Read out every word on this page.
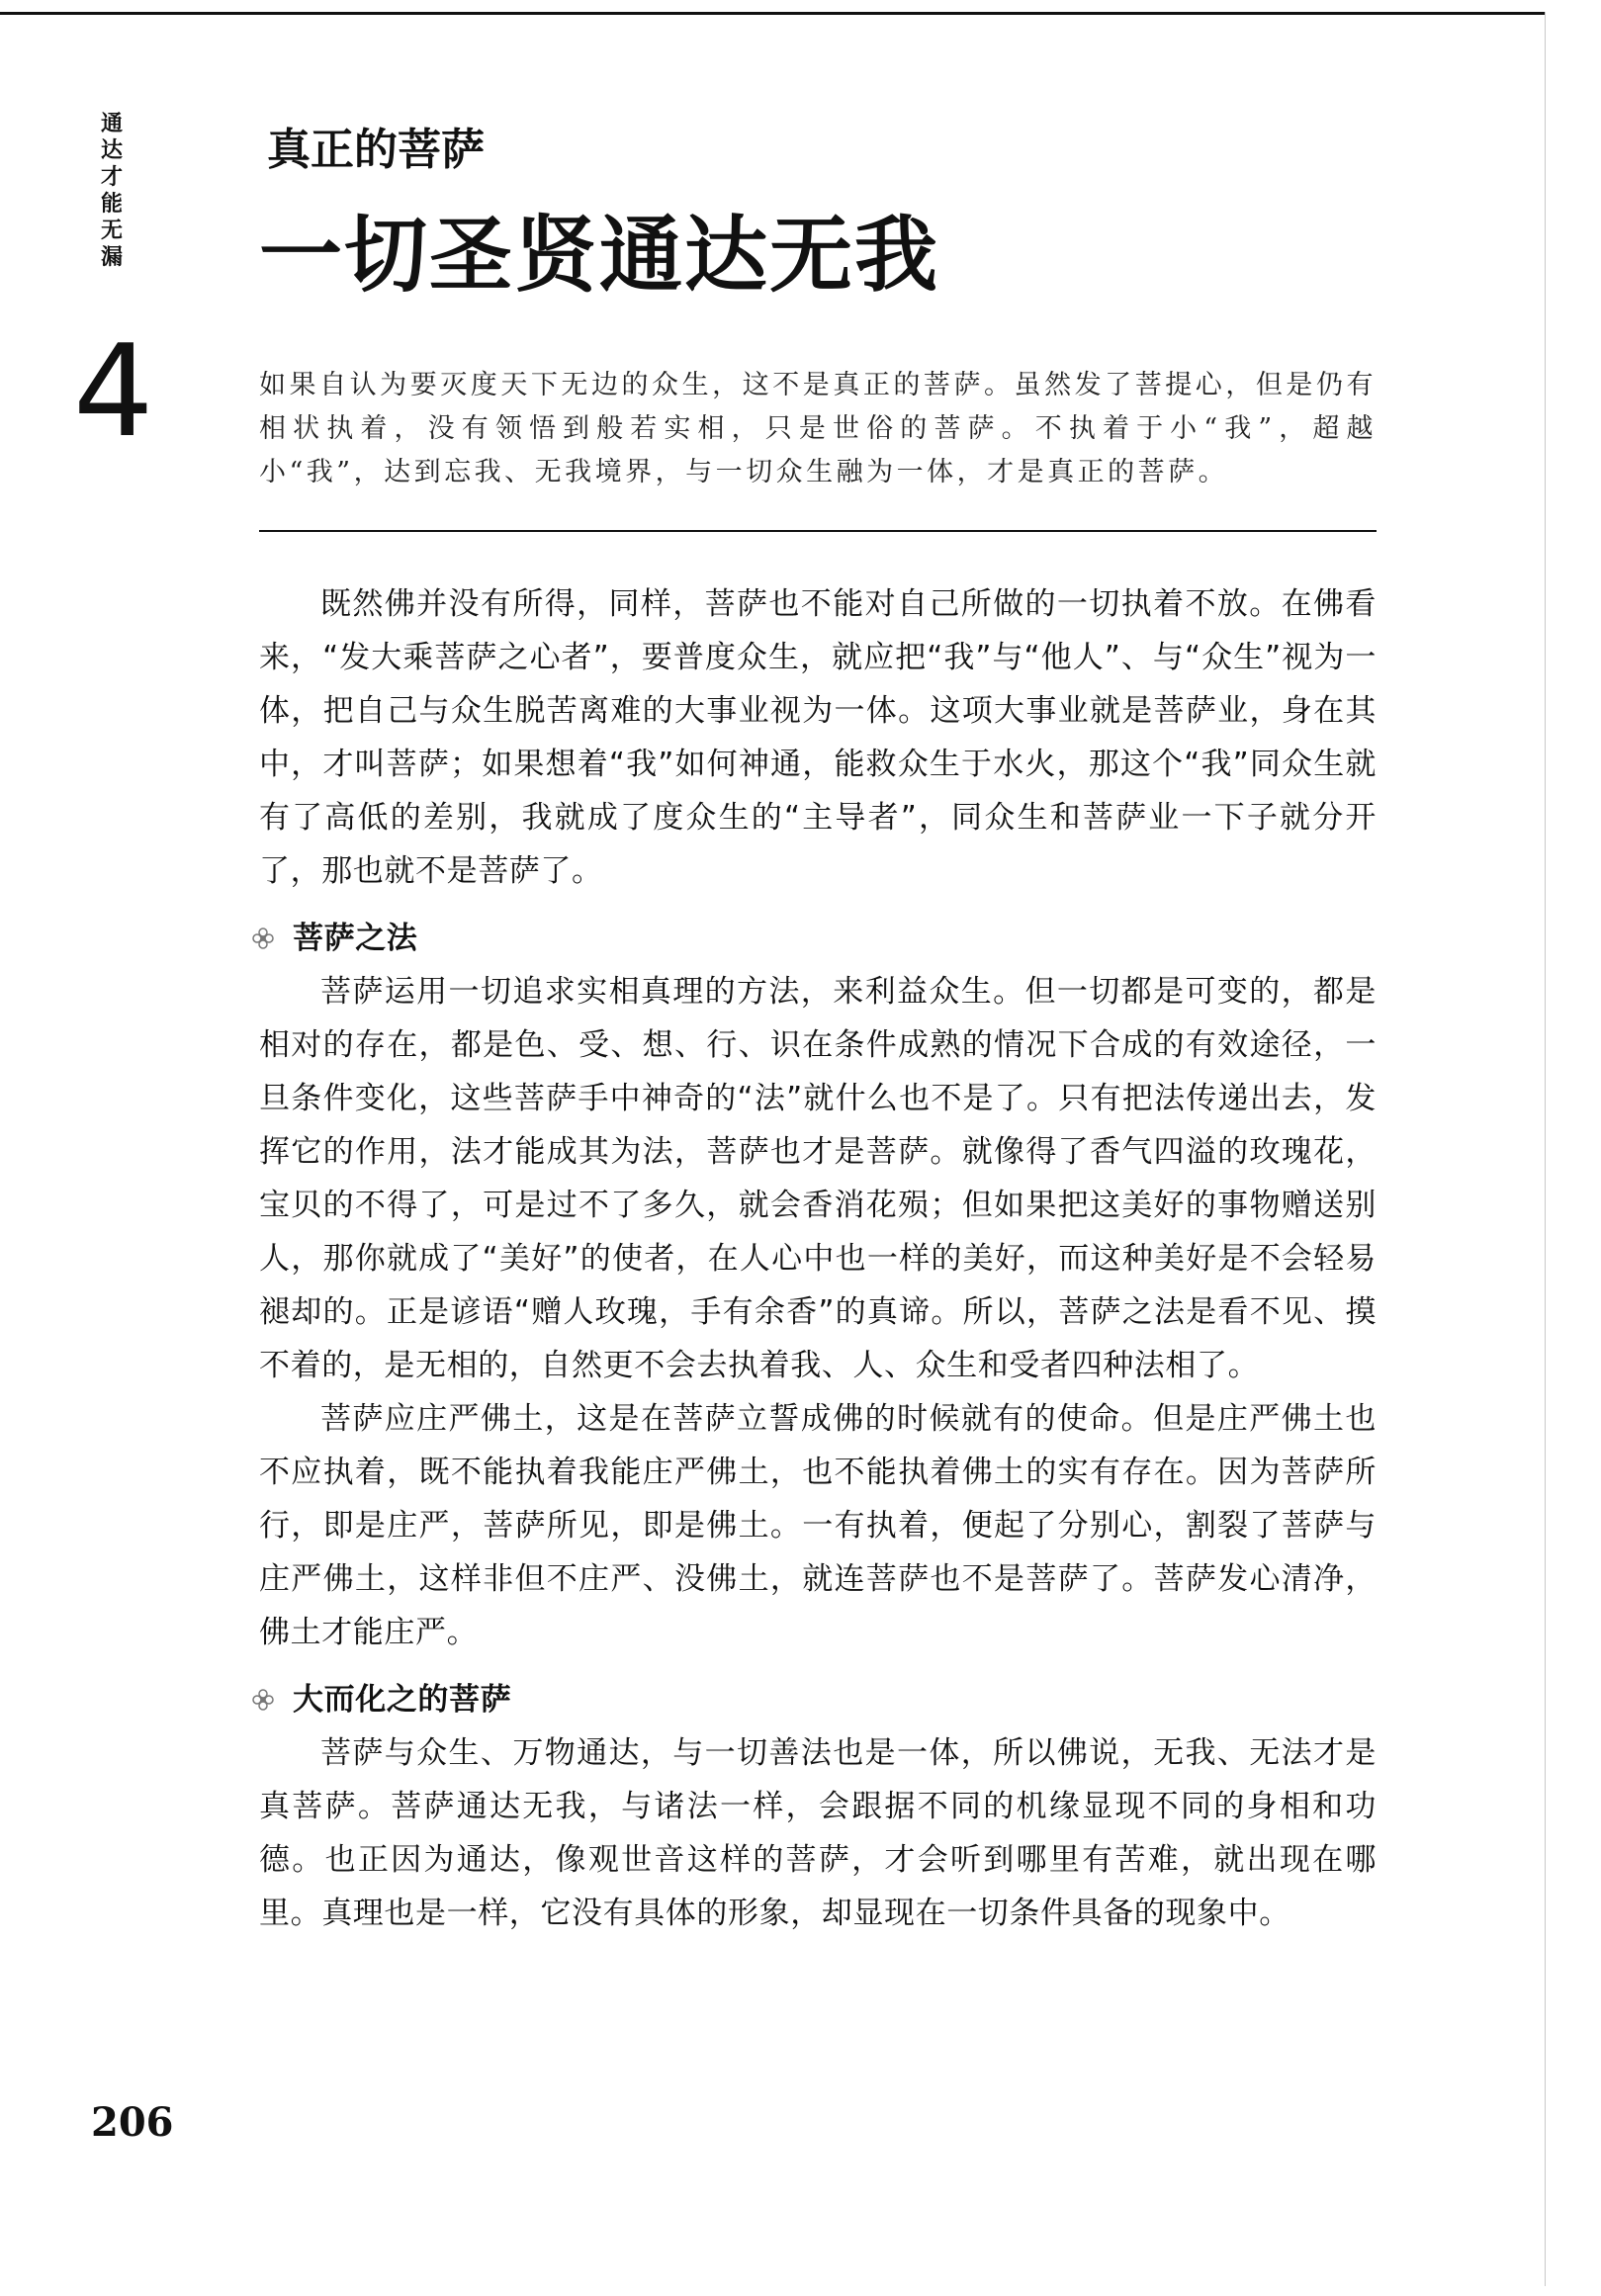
通达才能无漏
4
真正的菩萨
一切圣贤通达无我
如果自认为要灭度天下无边的众生，这不是真正的菩萨。虽然发了菩提心，但是仍有相状执着，没有领悟到般若实相，只是世俗的菩萨。不执着于小“我”，超越小“我”，达到忘我、无我境界，与一切众生融为一体，才是真正的菩萨。

既然佛并没有所得，同样，菩萨也不能对自己所做的一切执着不放。在佛看来，“发大乘菩萨之心者”，要普度众生，就应把“我”与“他人”、与“众生”视为一体，把自己与众生脱苦离难的大事业视为一体。这项大事业就是菩萨业，身在其中，才叫菩萨；如果想着“我”如何神通，能救众生于水火，那这个“我”同众生就有了高低的差别，我就成了度众生的“主导者”，同众生和菩萨业一下子就分开了，那也就不是菩萨了。

菩萨之法

菩萨运用一切追求实相真理的方法，来利益众生。但一切都是可变的，都是相对的存在，都是色、受、想、行、识在条件成熟的情况下合成的有效途径，一旦条件变化，这些菩萨手中神奇的“法”就什么也不是了。只有把法传递出去，发挥它的作用，法才能成其为法，菩萨也才是菩萨。就像得了香气四溢的玫瑰花，宝贝的不得了，可是过不了多久，就会香消花殒；但如果把这美好的事物赠送别人，那你就成了“美好”的使者，在人心中也一样的美好，而这种美好是不会轻易褪却的。正是谚语“赠人玫瑰，手有余香”的真谛。所以，菩萨之法是看不见、摸不着的，是无相的，自然更不会去执着我、人、众生和受者四种法相了。

菩萨应庄严佛土，这是在菩萨立誓成佛的时候就有的使命。但是庄严佛土也不应执着，既不能执着我能庄严佛土，也不能执着佛土的实有存在。因为菩萨所行，即是庄严，菩萨所见，即是佛土。一有执着，便起了分别心，割裂了菩萨与庄严佛土，这样非但不庄严、没佛土，就连菩萨也不是菩萨了。菩萨发心清净，佛土才能庄严。

大而化之的菩萨

菩萨与众生、万物通达，与一切善法也是一体，所以佛说，无我、无法才是真菩萨。菩萨通达无我，与诸法一样，会跟据不同的机缘显现不同的身相和功德。也正因为通达，像观世音这样的菩萨，才会听到哪里有苦难，就出现在哪里。真理也是一样，它没有具体的形象，却显现在一切条件具备的现象中。

206
